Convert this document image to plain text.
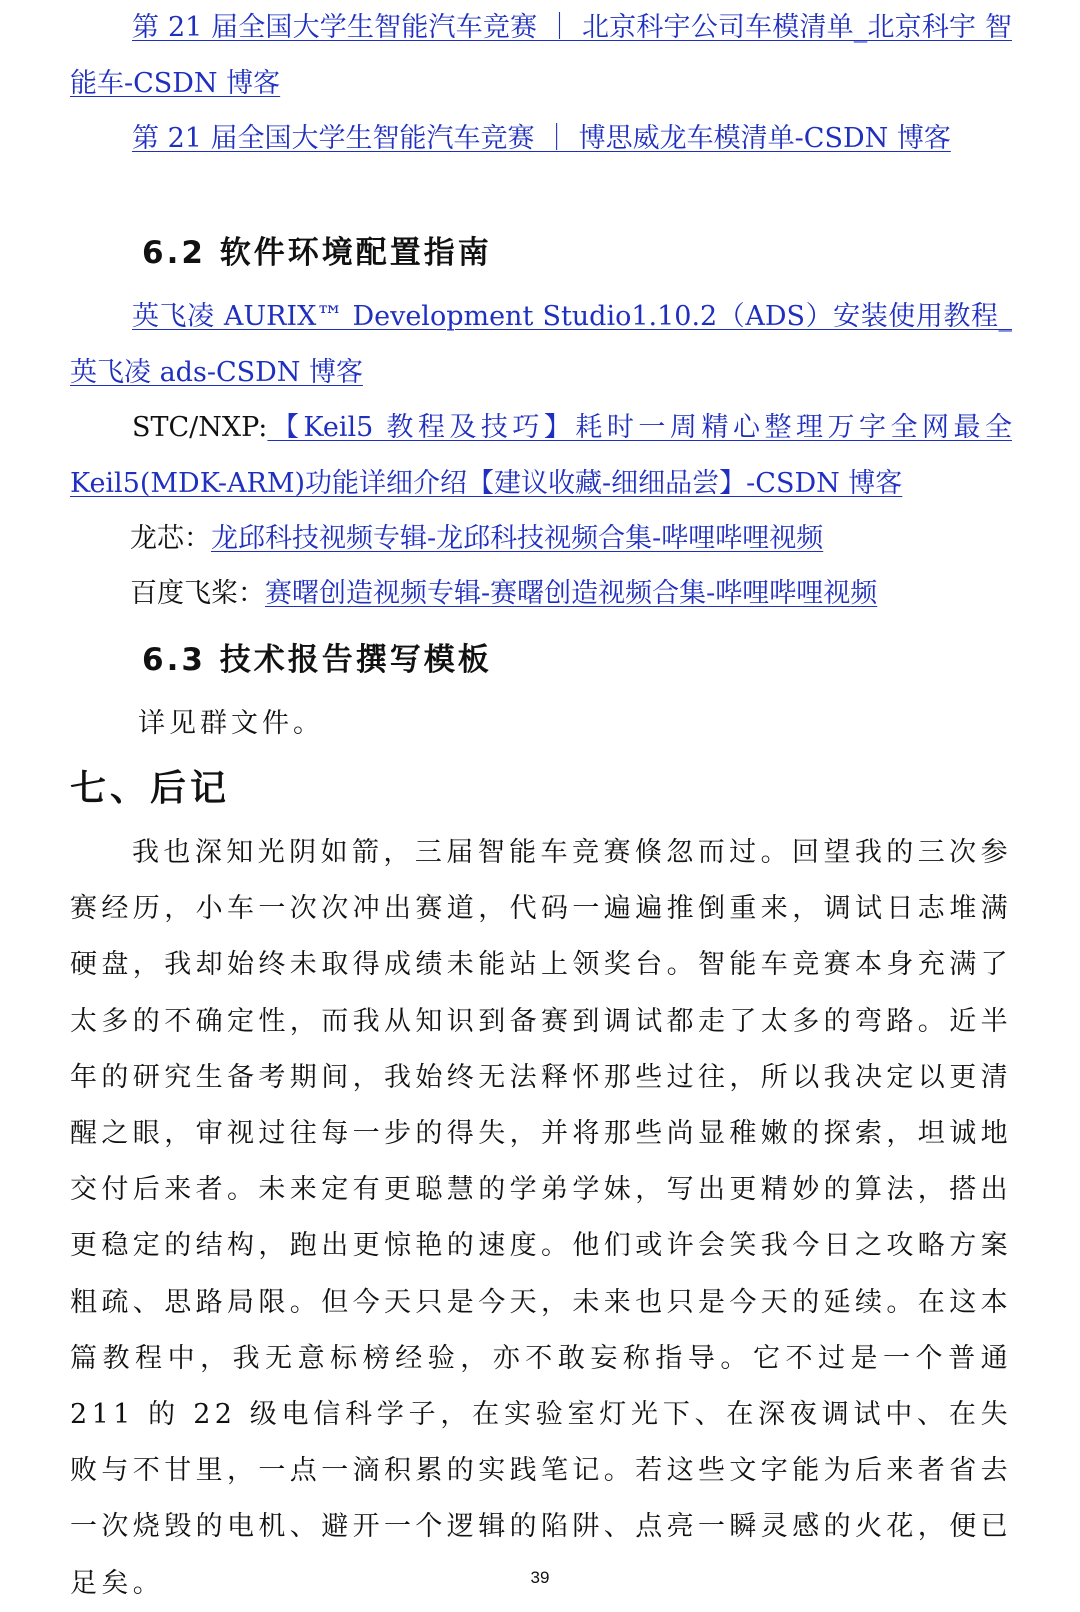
第 21 届全国大学生智能汽车竞赛 ｜ 北京科宇公司车模清单_北京科宇 智能车-CSDN 博客

第 21 届全国大学生智能汽车竞赛 ｜ 博思威龙车模清单-CSDN 博客

6.2 软件环境配置指南

英飞凌 AURIX™ Development Studio1.10.2（ADS）安装使用教程_英飞凌 ads-CSDN 博客

STC/NXP:【Keil5 教程及技巧】耗时一周精心整理万字全网最全 Keil5(MDK-ARM)功能详细介绍【建议收藏-细细品尝】-CSDN 博客

龙芯：龙邱科技视频专辑-龙邱科技视频合集-哔哩哔哩视频

百度飞桨：赛曙创造视频专辑-赛曙创造视频合集-哔哩哔哩视频

6.3 技术报告撰写模板

详见群文件。

七、后记

我也深知光阴如箭，三届智能车竞赛倏忽而过。回望我的三次参赛经历，小车一次次冲出赛道，代码一遍遍推倒重来，调试日志堆满硬盘，我却始终未取得成绩未能站上领奖台。智能车竞赛本身充满了太多的不确定性，而我从知识到备赛到调试都走了太多的弯路。近半年的研究生备考期间，我始终无法释怀那些过往，所以我决定以更清醒之眼，审视过往每一步的得失，并将那些尚显稚嫩的探索，坦诚地交付后来者。未来定有更聪慧的学弟学妹，写出更精妙的算法，搭出更稳定的结构，跑出更惊艳的速度。他们或许会笑我今日之攻略方案粗疏、思路局限。但今天只是今天，未来也只是今天的延续。在这本篇教程中，我无意标榜经验，亦不敢妄称指导。它不过是一个普通 211 的 22 级电信科学子，在实验室灯光下、在深夜调试中、在失败与不甘里，一点一滴积累的实践笔记。若这些文字能为后来者省去一次烧毁的电机、避开一个逻辑的陷阱、点亮一瞬灵感的火花，便已足矣。	39
